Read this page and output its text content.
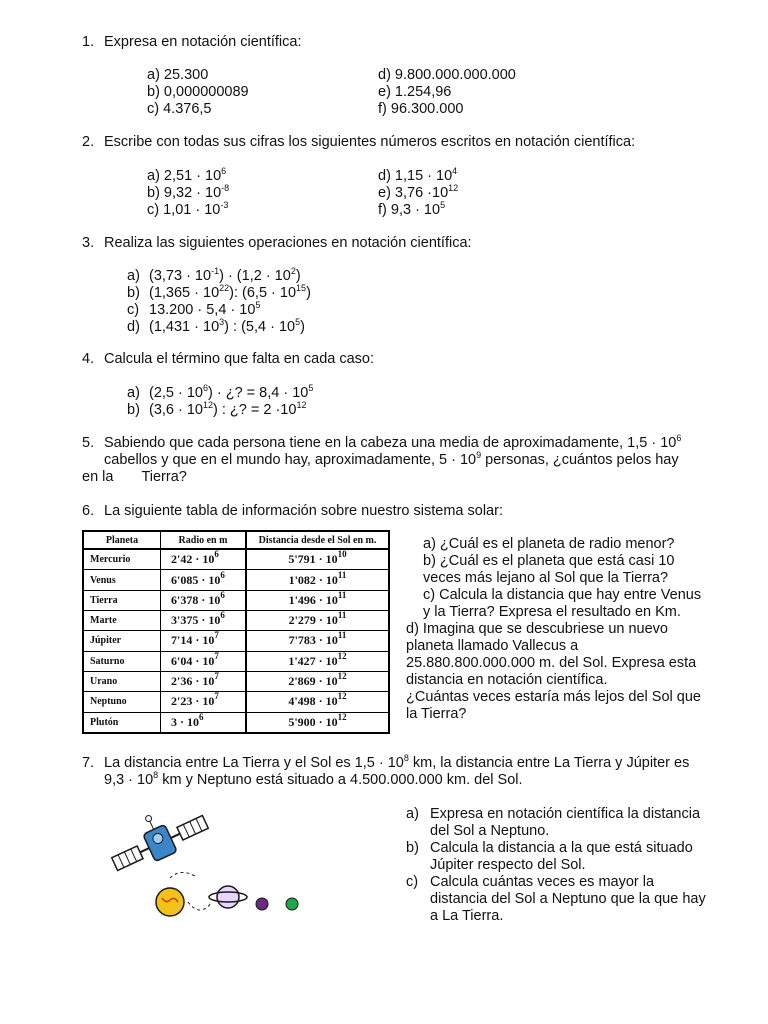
1. Expresa en notación científica:
a) 25.300
b) 0,000000089
c) 4.376,5
d) 9.800.000.000.000
e) 1.254,96
f) 96.300.000
2. Escribe con todas sus cifras los siguientes números escritos en notación científica:
a) $2,51 \cdot 10^6$
b) $9,32 \cdot 10^{-8}$
c) $1,01 \cdot 10^{-3}$
d) $1,15 \cdot 10^4$
e) $3,76 \cdot 10^{12}$
f) $9,3 \cdot 10^5$
3. Realiza las siguientes operaciones en notación científica:
a) $(3,73 \cdot 10^{-1}) \cdot (1,2 \cdot 10^2)$
b) $(1,365 \cdot 10^{22})$: $(6,5 \cdot 10^{15})$
c) $13.200 \cdot 5,4 \cdot 10^5$
d) $(1,431 \cdot 10^3)$ : $(5,4 \cdot 10^5)$
4. Calcula el término que falta en cada caso:
a) $(2,5 \cdot 10^6)$ · ¿? = $8,4 \cdot 10^5$
b) $(3,6 \cdot 10^{12})$ : ¿? = $2 \cdot 10^{12}$
5. Sabiendo que cada persona tiene en la cabeza una media de aproximadamente, $1,5 \cdot 10^6$
cabellos y que en el mundo hay, aproximadamente, $5 \cdot 10^9$ personas, ¿cuántos pelos hay
en la Tierra?
6. La siguiente tabla de información sobre nuestro sistema solar:
Planeta	Radio en m	Distancia desde el Sol en m.
Mercurio	$2'42 \cdot 10^6$	$5'791 \cdot 10^{10}$
Venus	$6'085 \cdot 10^6$	$1'082 \cdot 10^{11}$
Tierra	$6'378 \cdot 10^6$	$1'496 \cdot 10^{11}$
Marte	$3'375 \cdot 10^6$	$2'279 \cdot 10^{11}$
Júpiter	$7'14 \cdot 10^7$	$7'783 \cdot 10^{11}$
Saturno	$6'04 \cdot 10^7$	$1'427 \cdot 10^{12}$
Urano	$2'36 \cdot 10^7$	$2'869 \cdot 10^{12}$
Neptuno	$2'23 \cdot 10^7$	$4'498 \cdot 10^{12}$
Plutón	$3 \cdot 10^6$	$5'900 \cdot 10^{12}$
a) ¿Cuál es el planeta de radio menor?
b) ¿Cuál es el planeta que está casi 10
veces más lejano al Sol que la Tierra?
c) Calcula la distancia que hay entre Venus
y la Tierra? Expresa el resultado en Km.
d) Imagina que se descubriese un nuevo
planeta llamado Vallecus a
25.880.800.000.000 m. del Sol. Expresa esta
distancia en notación científica.
¿Cuántas veces estaría más lejos del Sol que
la Tierra?
7. La distancia entre La Tierra y el Sol es $1,5 \cdot 10^8$ km, la distancia entre La Tierra y Júpiter es
$9,3 \cdot 10^8$ km y Neptuno está situado a 4.500.000.000 km. del Sol.
a) Expresa en notación científica la distancia
del Sol a Neptuno.
b) Calcula la distancia a la que está situado
Júpiter respecto del Sol.
c) Calcula cuántas veces es mayor la
distancia del Sol a Neptuno que la que hay
a La Tierra.
